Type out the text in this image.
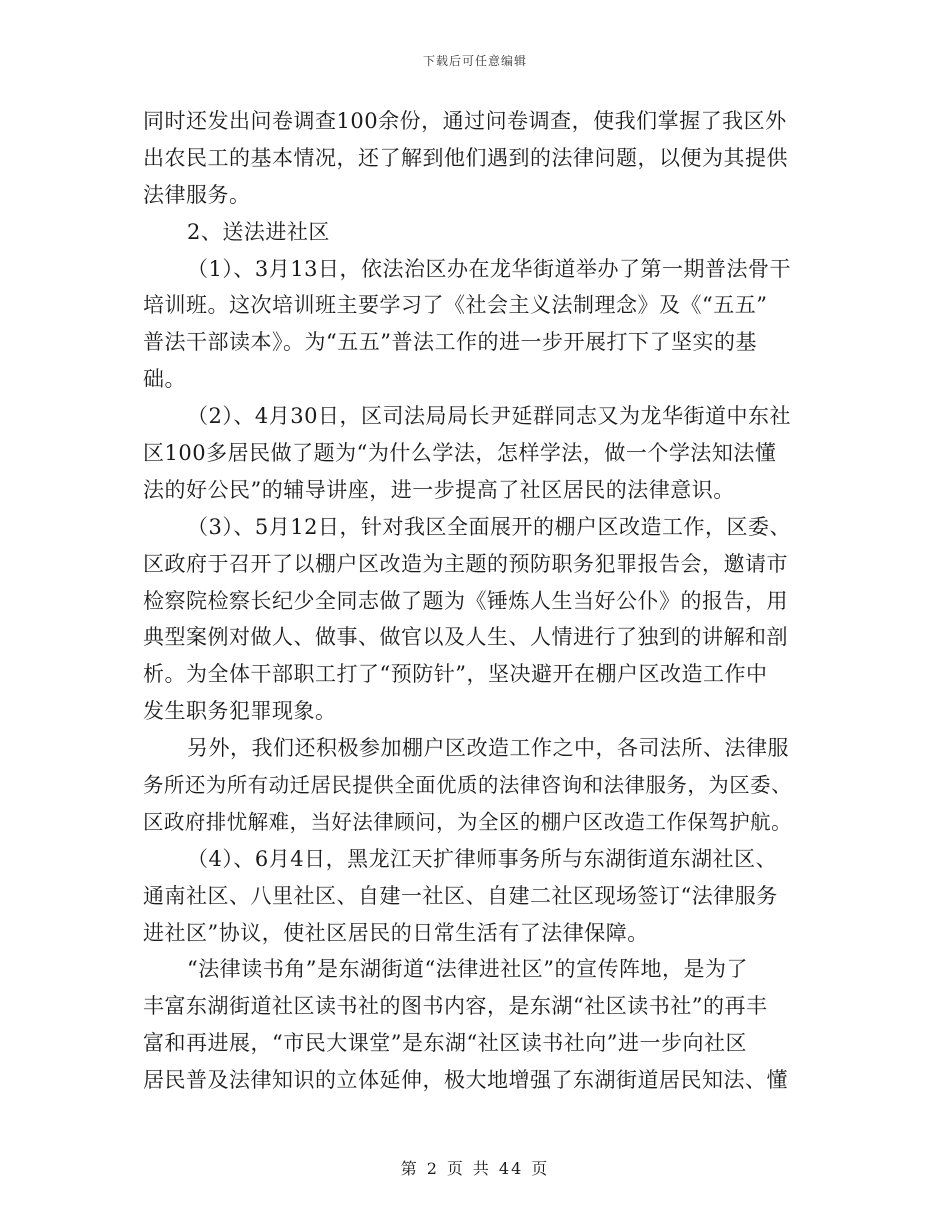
下载后可任意编辑
同时还发出问卷调查100余份，通过问卷调查，使我们掌握了我区外
出农民工的基本情况，还了解到他们遇到的法律问题，以便为其提供
法律服务。
2、送法进社区
（1）、3月13日，依法治区办在龙华街道举办了第一期普法骨干
培训班。这次培训班主要学习了《社会主义法制理念》及《“五五”
普法干部读本》。为“五五”普法工作的进一步开展打下了坚实的基
础。
（2）、4月30日，区司法局局长尹延群同志又为龙华街道中东社
区100多居民做了题为“为什么学法，怎样学法，做一个学法知法懂
法的好公民”的辅导讲座，进一步提高了社区居民的法律意识。
（3）、5月12日，针对我区全面展开的棚户区改造工作，区委、
区政府于召开了以棚户区改造为主题的预防职务犯罪报告会，邀请市
检察院检察长纪少全同志做了题为《锤炼人生当好公仆》的报告，用
典型案例对做人、做事、做官以及人生、人情进行了独到的讲解和剖
析。为全体干部职工打了“预防针”，坚决避开在棚户区改造工作中
发生职务犯罪现象。
另外，我们还积极参加棚户区改造工作之中，各司法所、法律服
务所还为所有动迁居民提供全面优质的法律咨询和法律服务，为区委、
区政府排忧解难，当好法律顾问，为全区的棚户区改造工作保驾护航。
（4）、6月4日，黑龙江天扩律师事务所与东湖街道东湖社区、
通南社区、八里社区、自建一社区、自建二社区现场签订“法律服务
进社区”协议，使社区居民的日常生活有了法律保障。
“法律读书角”是东湖街道“法律进社区”的宣传阵地，是为了
丰富东湖街道社区读书社的图书内容，是东湖“社区读书社”的再丰
富和再进展，“市民大课堂”是东湖“社区读书社向”进一步向社区
居民普及法律知识的立体延伸，极大地增强了东湖街道居民知法、懂
第 2 页 共 44 页
